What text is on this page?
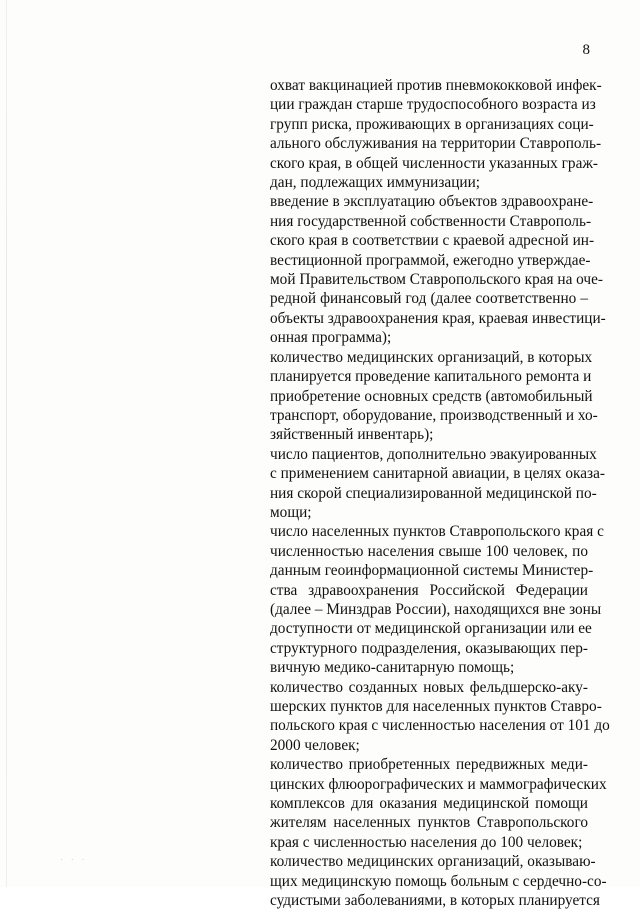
8
охват вакцинацией против пневмококковой инфек-
ции граждан старше трудоспособного возраста из
групп риска, проживающих в организациях соци-
ального обслуживания на территории Ставрополь-
ского края, в общей численности указанных граж-
дан, подлежащих иммунизации;
введение в эксплуатацию объектов здравоохране-
ния государственной собственности Ставрополь-
ского края в соответствии с краевой адресной ин-
вестиционной программой, ежегодно утверждае-
мой Правительством Ставропольского края на оче-
редной финансовый год (далее соответственно –
объекты здравоохранения края, краевая инвестици-
онная программа);
количество медицинских организаций, в которых
планируется проведение капитального ремонта и
приобретение основных средств (автомобильный
транспорт, оборудование, производственный и хо-
зяйственный инвентарь);
число пациентов, дополнительно эвакуированных
с применением санитарной авиации, в целях оказа-
ния скорой специализированной медицинской по-
мощи;
число населенных пунктов Ставропольского края с
численностью населения свыше 100 человек, по
данным геоинформационной системы Министер-
ства здравоохранения Российской Федерации
(далее – Минздрав России), находящихся вне зоны
доступности от медицинской организации или ее
структурного подразделения, оказывающих пер-
вичную медико-санитарную помощь;
количество созданных новых фельдшерско-аку-
шерских пунктов для населенных пунктов Ставро-
польского края с численностью населения от 101 до
2000 человек;
количество приобретенных передвижных меди-
цинских флюорографических и маммографических
комплексов для оказания медицинской помощи
жителям населенных пунктов Ставропольского
края с численностью населения до 100 человек;
количество медицинских организаций, оказываю-
щих медицинскую помощь больным с сердечно-со-
судистыми заболеваниями, в которых планируется
· · ·
